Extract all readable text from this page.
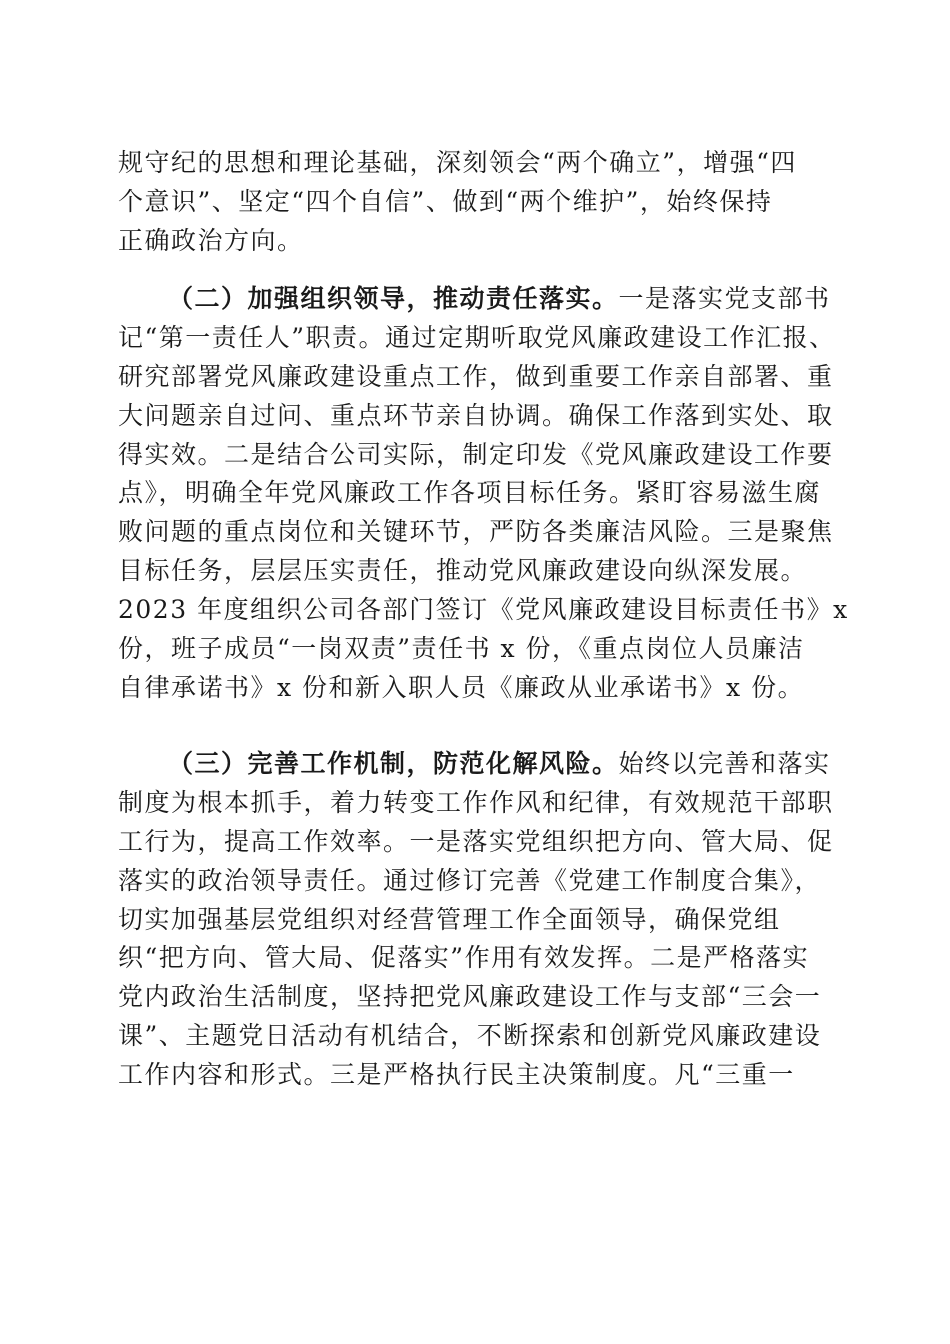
规守纪的思想和理论基础，深刻领会“两个确立”，增强“四
个意识”、坚定“四个自信”、做到“两个维护”，始终保持
正确政治方向。
（二）加强组织领导，推动责任落实。一是落实党支部书
记“第一责任人”职责。通过定期听取党风廉政建设工作汇报、
研究部署党风廉政建设重点工作，做到重要工作亲自部署、重
大问题亲自过问、重点环节亲自协调。确保工作落到实处、取
得实效。二是结合公司实际，制定印发《党风廉政建设工作要
点》，明确全年党风廉政工作各项目标任务。紧盯容易滋生腐
败问题的重点岗位和关键环节，严防各类廉洁风险。三是聚焦
目标任务，层层压实责任，推动党风廉政建设向纵深发展。
2023 年度组织公司各部门签订《党风廉政建设目标责任书》x
份，班子成员“一岗双责”责任书 x 份，《重点岗位人员廉洁
自律承诺书》x 份和新入职人员《廉政从业承诺书》x 份。
（三）完善工作机制，防范化解风险。始终以完善和落实
制度为根本抓手，着力转变工作作风和纪律，有效规范干部职
工行为，提高工作效率。一是落实党组织把方向、管大局、促
落实的政治领导责任。通过修订完善《党建工作制度合集》，
切实加强基层党组织对经营管理工作全面领导，确保党组
织“把方向、管大局、促落实”作用有效发挥。二是严格落实
党内政治生活制度，坚持把党风廉政建设工作与支部“三会一
课”、主题党日活动有机结合，不断探索和创新党风廉政建设
工作内容和形式。三是严格执行民主决策制度。凡“三重一
